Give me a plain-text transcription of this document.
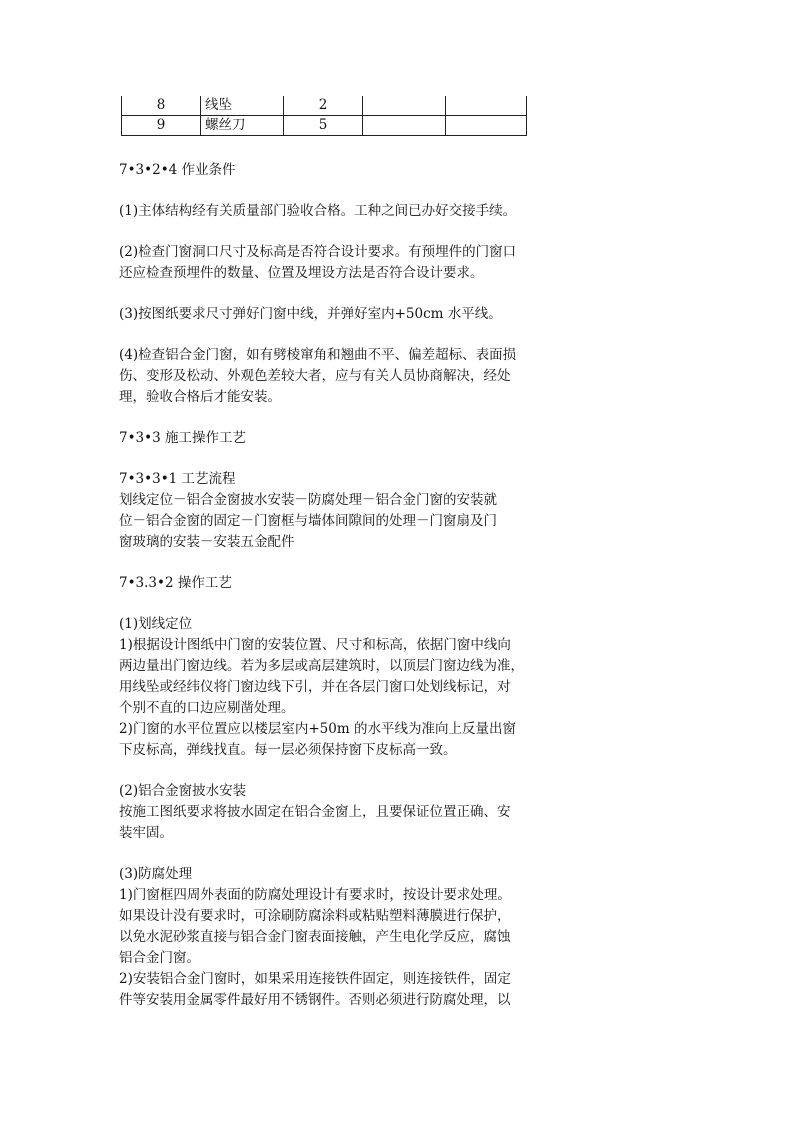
8	线坠	2		
9	螺丝刀	5		

7•3•2•4 作业条件

(1)主体结构经有关质量部门验收合格。工种之间已办好交接手续。

(2)检查门窗洞口尺寸及标高是否符合设计要求。有预埋件的门窗口
还应检查预埋件的数量、位置及埋设方法是否符合设计要求。

(3)按图纸要求尺寸弹好门窗中线，并弹好室内+50cm 水平线。

(4)检查铝合金门窗，如有劈棱窜角和翘曲不平、偏差超标、表面损
伤、变形及松动、外观色差较大者，应与有关人员协商解决，经处
理，验收合格后才能安装。

7•3•3 施工操作工艺

7•3•3•1 工艺流程
划线定位－铝合金窗披水安装－防腐处理－铝合金门窗的安装就
位－铝合金窗的固定－门窗框与墙体间隙间的处理－门窗扇及门
窗玻璃的安装－安装五金配件

7•3.3•2 操作工艺

(1)划线定位
1)根据设计图纸中门窗的安装位置、尺寸和标高，依据门窗中线向
两边量出门窗边线。若为多层或高层建筑时，以顶层门窗边线为准，
用线坠或经纬仪将门窗边线下引，并在各层门窗口处划线标记，对
个别不直的口边应剔凿处理。
2)门窗的水平位置应以楼层室内+50m 的水平线为准向上反量出窗
下皮标高，弹线找直。每一层必须保持窗下皮标高一致。

(2)铝合金窗披水安装
按施工图纸要求将披水固定在铝合金窗上，且要保证位置正确、安
装牢固。

(3)防腐处理
1)门窗框四周外表面的防腐处理设计有要求时，按设计要求处理。
如果设计没有要求时，可涂刷防腐涂料或粘贴塑料薄膜进行保护，
以免水泥砂浆直接与铝合金门窗表面接触，产生电化学反应，腐蚀
铝合金门窗。
2)安装铝合金门窗时，如果采用连接铁件固定，则连接铁件，固定
件等安装用金属零件最好用不锈钢件。否则必须进行防腐处理，以
